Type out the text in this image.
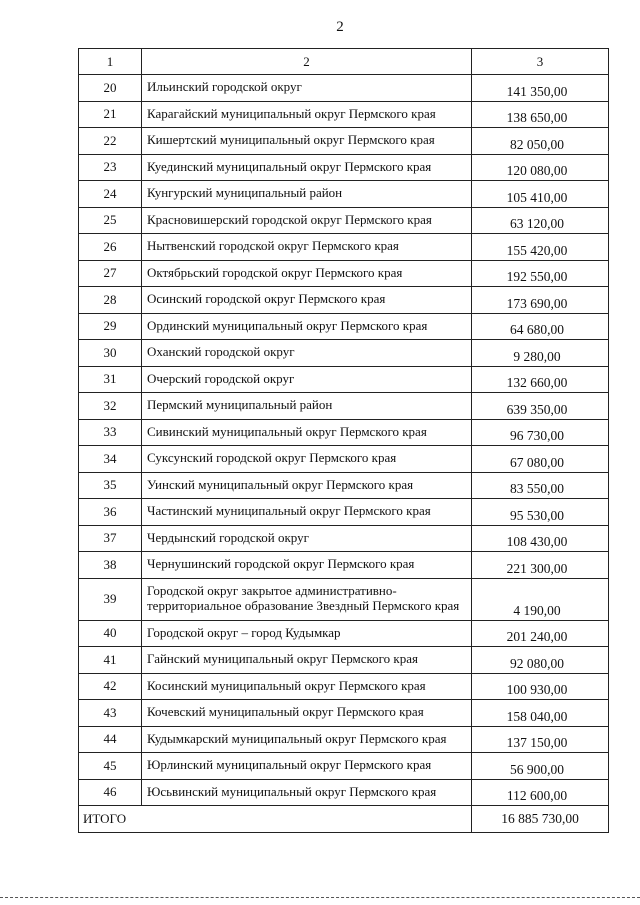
2
1	2	3
20	Ильинский городской округ	141 350,00
21	Карагайский муниципальный округ Пермского края	138 650,00
22	Кишертский муниципальный округ Пермского края	82 050,00
23	Куединский муниципальный округ Пермского края	120 080,00
24	Кунгурский муниципальный район	105 410,00
25	Красновишерский городской округ Пермского края	63 120,00
26	Нытвенский городской округ Пермского края	155 420,00
27	Октябрьский городской округ Пермского края	192 550,00
28	Осинский городской округ Пермского края	173 690,00
29	Ординский муниципальный округ Пермского края	64 680,00
30	Оханский городской округ	9 280,00
31	Очерский городской округ	132 660,00
32	Пермский муниципальный район	639 350,00
33	Сивинский муниципальный округ Пермского края	96 730,00
34	Суксунский городской округ Пермского края	67 080,00
35	Уинский муниципальный округ Пермского края	83 550,00
36	Частинский муниципальный округ Пермского края	95 530,00
37	Чердынский городской округ	108 430,00
38	Чернушинский городской округ Пермского края	221 300,00
39	Городской округ закрытое административно-территориальное образование Звездный Пермского края	4 190,00
40	Городской округ – город Кудымкар	201 240,00
41	Гайнский муниципальный округ Пермского края	92 080,00
42	Косинский муниципальный округ Пермского края	100 930,00
43	Кочевский муниципальный округ Пермского края	158 040,00
44	Кудымкарский муниципальный округ Пермского края	137 150,00
45	Юрлинский муниципальный округ Пермского края	56 900,00
46	Юсьвинский муниципальный округ Пермского края	112 600,00
ИТОГО		16 885 730,00
